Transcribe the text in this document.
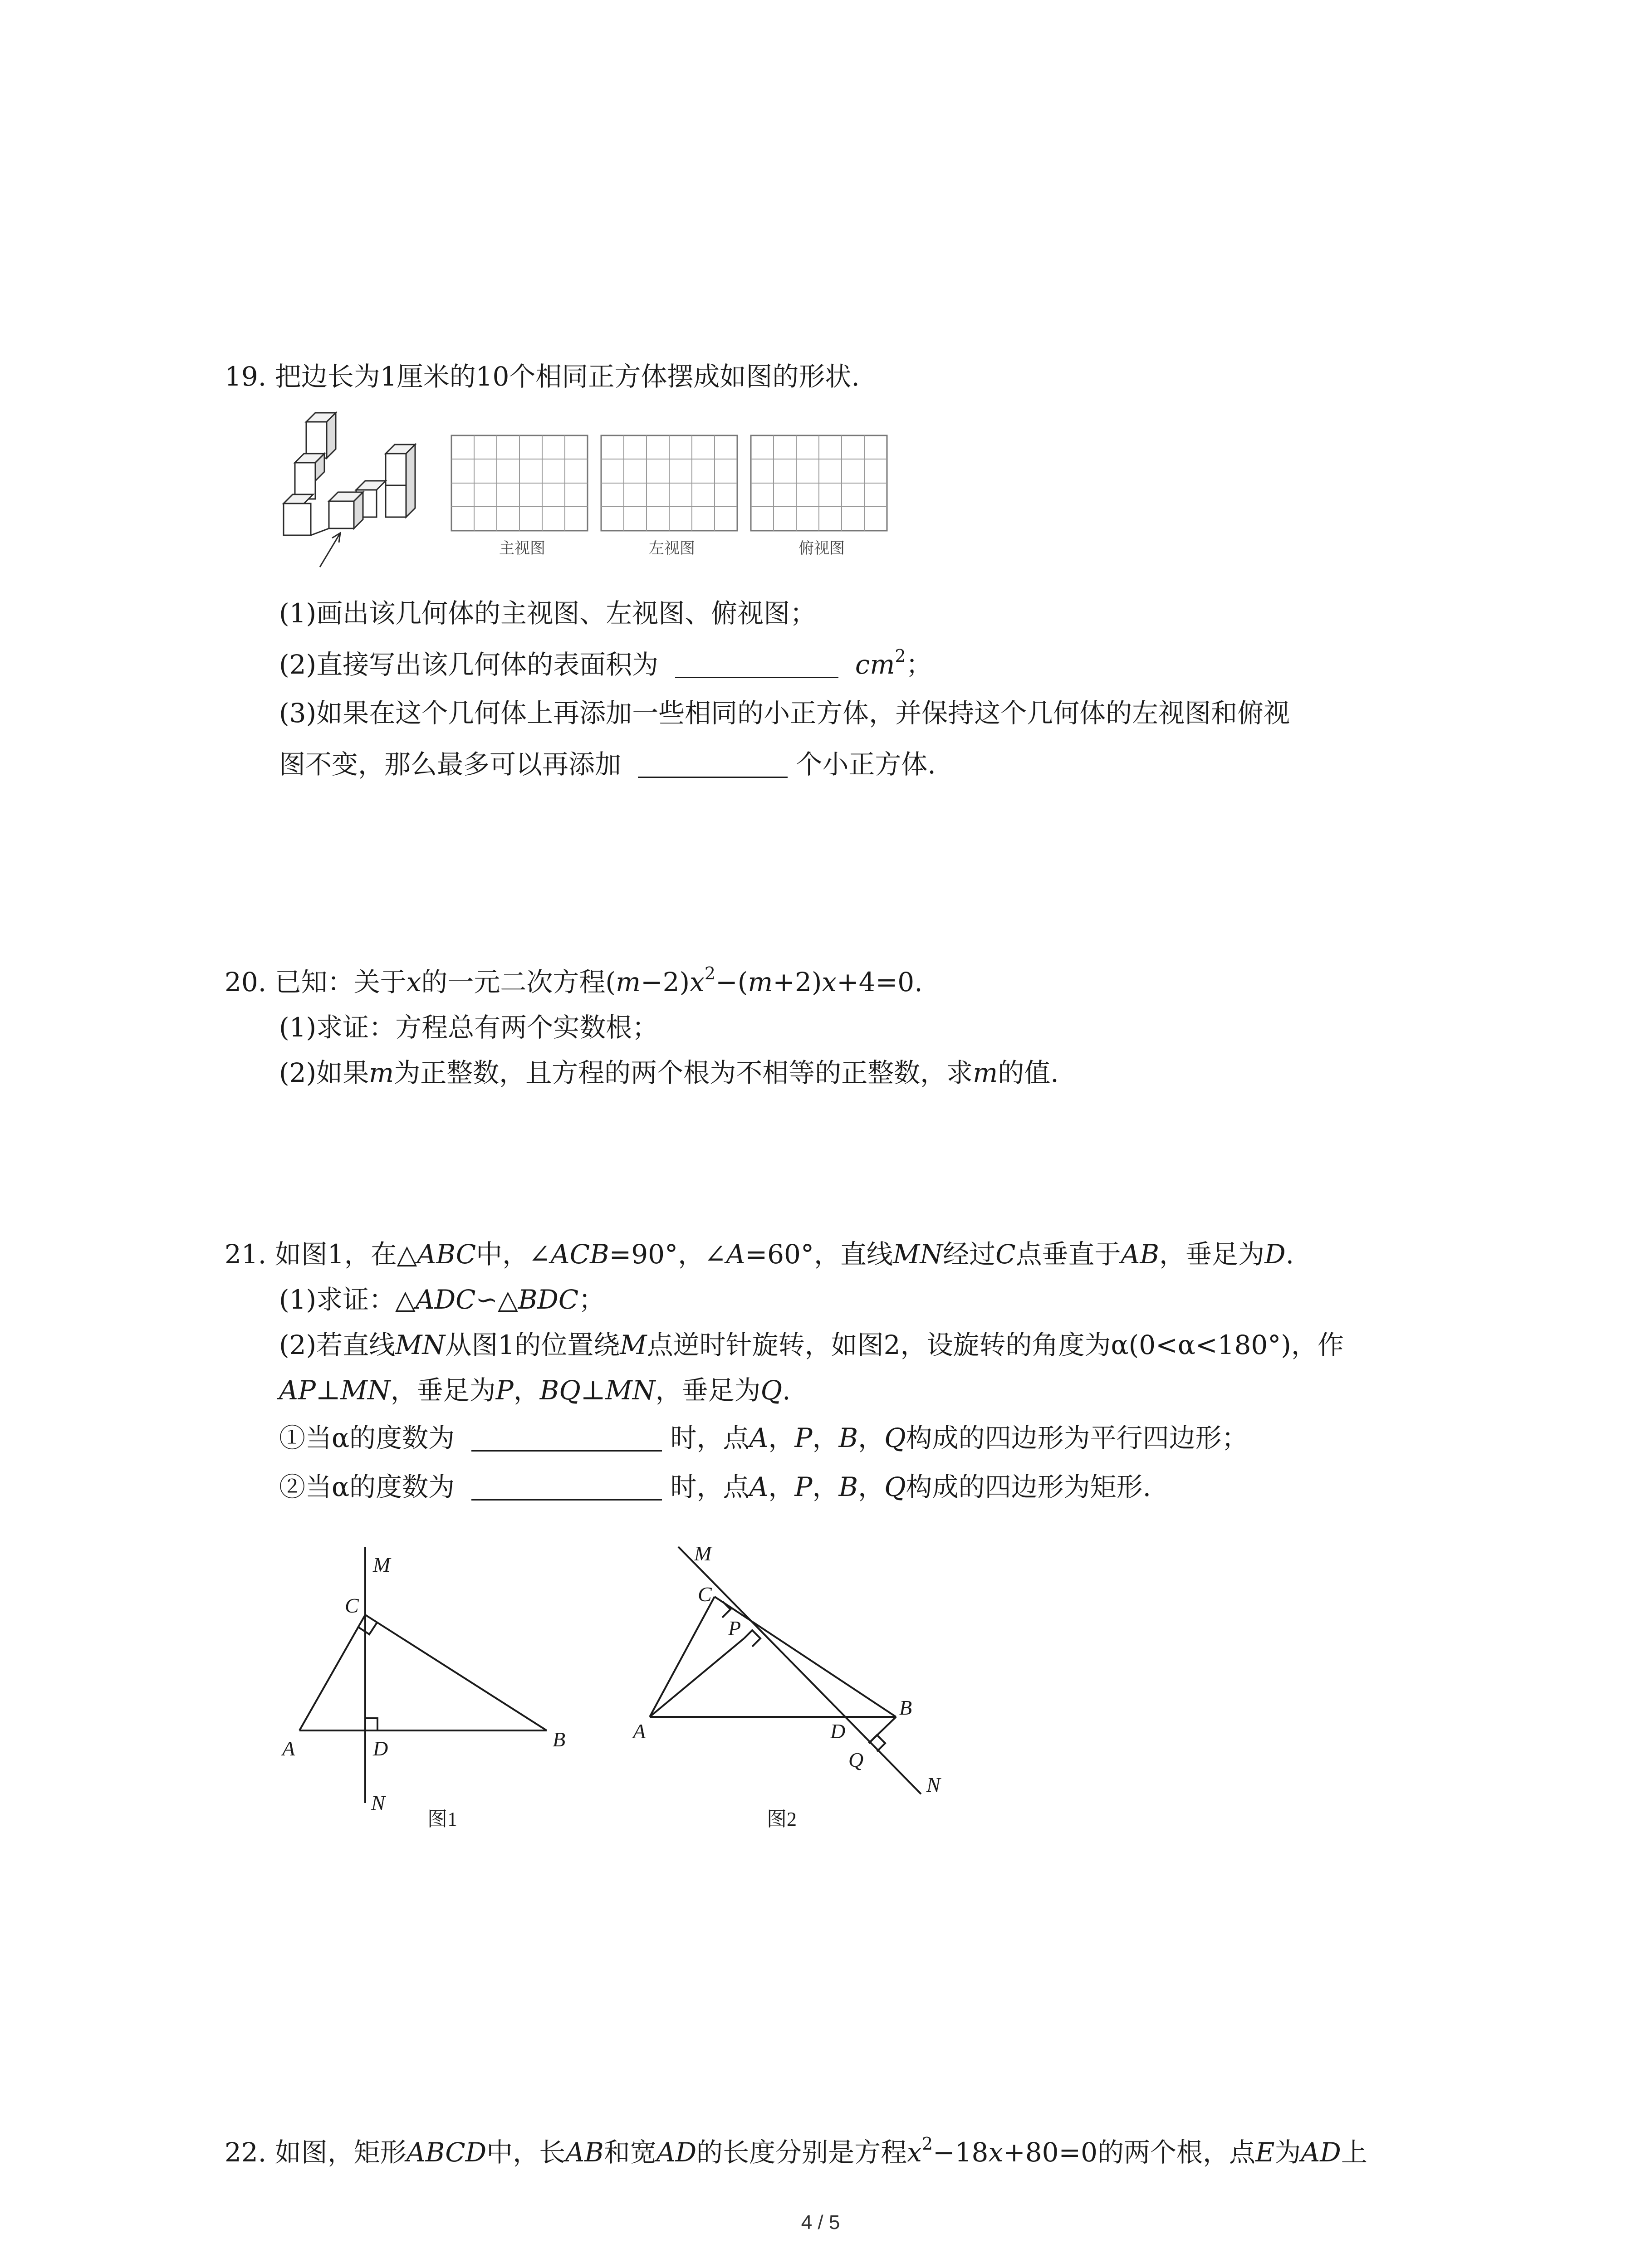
19. 把边长为1厘米的10个相同正方体摆成如图的形状.
主视图	左视图	俯视图
(1)画出该几何体的主视图、左视图、俯视图；
(2)直接写出该几何体的表面积为	$cm^2$；
(3)如果在这个几何体上再添加一些相同的小正方体，并保持这个几何体的左视图和俯视
图不变，那么最多可以再添加	个小正方体.
20. 已知：关于x的一元二次方程$(m-2)x^2-(m+2)x+4=0$.
(1)求证：方程总有两个实数根；
(2)如果m为正整数，且方程的两个根为不相等的正整数，求m的值.
21. 如图1，在△ABC中，∠ACB=90°，∠A=60°，直线MN经过C点垂直于AB，垂足为D.
(1)求证：△ADC∽△BDC；
(2)若直线MN从图1的位置绕M点逆时针旋转，如图2，设旋转的角度为α(0<α<180°)，作
AP⊥MN，垂足为P，BQ⊥MN，垂足为Q.
①当α的度数为	时，点A，P，B，Q构成的四边形为平行四边形；
②当α的度数为	时，点A，P，B，Q构成的四边形为矩形.
M
C
A	D	B
N
图1
M
C
P
A	D
B
Q
N
图2
22. 如图，矩形ABCD中，长AB和宽AD的长度分别是方程$x^2-18x+80=0$的两个根，点E为AD上
4 / 5
